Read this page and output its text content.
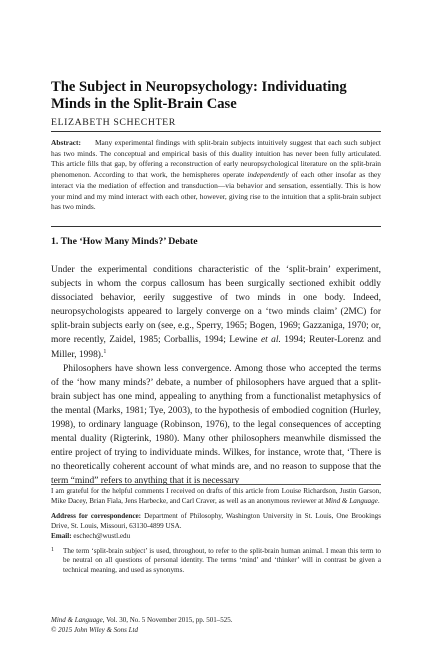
The Subject in Neuropsychology: Individuating Minds in the Split-Brain Case
ELIZABETH SCHECHTER
Abstract: Many experimental findings with split-brain subjects intuitively suggest that each such subject has two minds. The conceptual and empirical basis of this duality intuition has never been fully articulated. This article fills that gap, by offering a reconstruction of early neuropsychological literature on the split-brain phenomenon. According to that work, the hemispheres operate independently of each other insofar as they interact via the mediation of effection and transduction—via behavior and sensation, essentially. This is how your mind and my mind interact with each other, however, giving rise to the intuition that a split-brain subject has two minds.
1. The ‘How Many Minds?’ Debate

Under the experimental conditions characteristic of the ‘split-brain’ experiment, subjects in whom the corpus callosum has been surgically sectioned exhibit oddly dissociated behavior, eerily suggestive of two minds in one body. Indeed, neuropsychologists appeared to largely converge on a ‘two minds claim’ (2MC) for split-brain subjects early on (see, e.g., Sperry, 1965; Bogen, 1969; Gazzaniga, 1970; or, more recently, Zaidel, 1985; Corballis, 1994; Lewine et al. 1994; Reuter-Lorenz and Miller, 1998).$^1$

Philosophers have shown less convergence. Among those who accepted the terms of the ‘how many minds?’ debate, a number of philosophers have argued that a split-brain subject has one mind, appealing to anything from a functionalist metaphysics of the mental (Marks, 1981; Tye, 2003), to the hypothesis of embodied cognition (Hurley, 1998), to ordinary language (Robinson, 1976), to the legal consequences of accepting mental duality (Rigterink, 1980). Many other philosophers meanwhile dismissed the entire project of trying to individuate minds. Wilkes, for instance, wrote that, ‘There is no theoretically coherent account of what minds are, and no reason to suppose that the term “mind” refers to anything that it is necessary

I am grateful for the helpful comments I received on drafts of this article from Louise Richardson, Justin Garson, Mike Dacey, Brian Fiala, Jens Harbecke, and Carl Craver, as well as an anonymous reviewer at Mind & Language.

Address for correspondence: Department of Philosophy, Washington University in St. Louis, One Brookings Drive, St. Louis, Missouri, 63130-4899 USA.

Email: eschech@wustl.edu

1 The term ‘split-brain subject’ is used, throughout, to refer to the split-brain human animal. I mean this term to be neutral on all questions of personal identity. The terms ‘mind’ and ‘thinker’ will in contrast be given a technical meaning, and used as synonyms.

Mind & Language, Vol. 30, No. 5 November 2015, pp. 501–525.

© 2015 John Wiley & Sons Ltd
